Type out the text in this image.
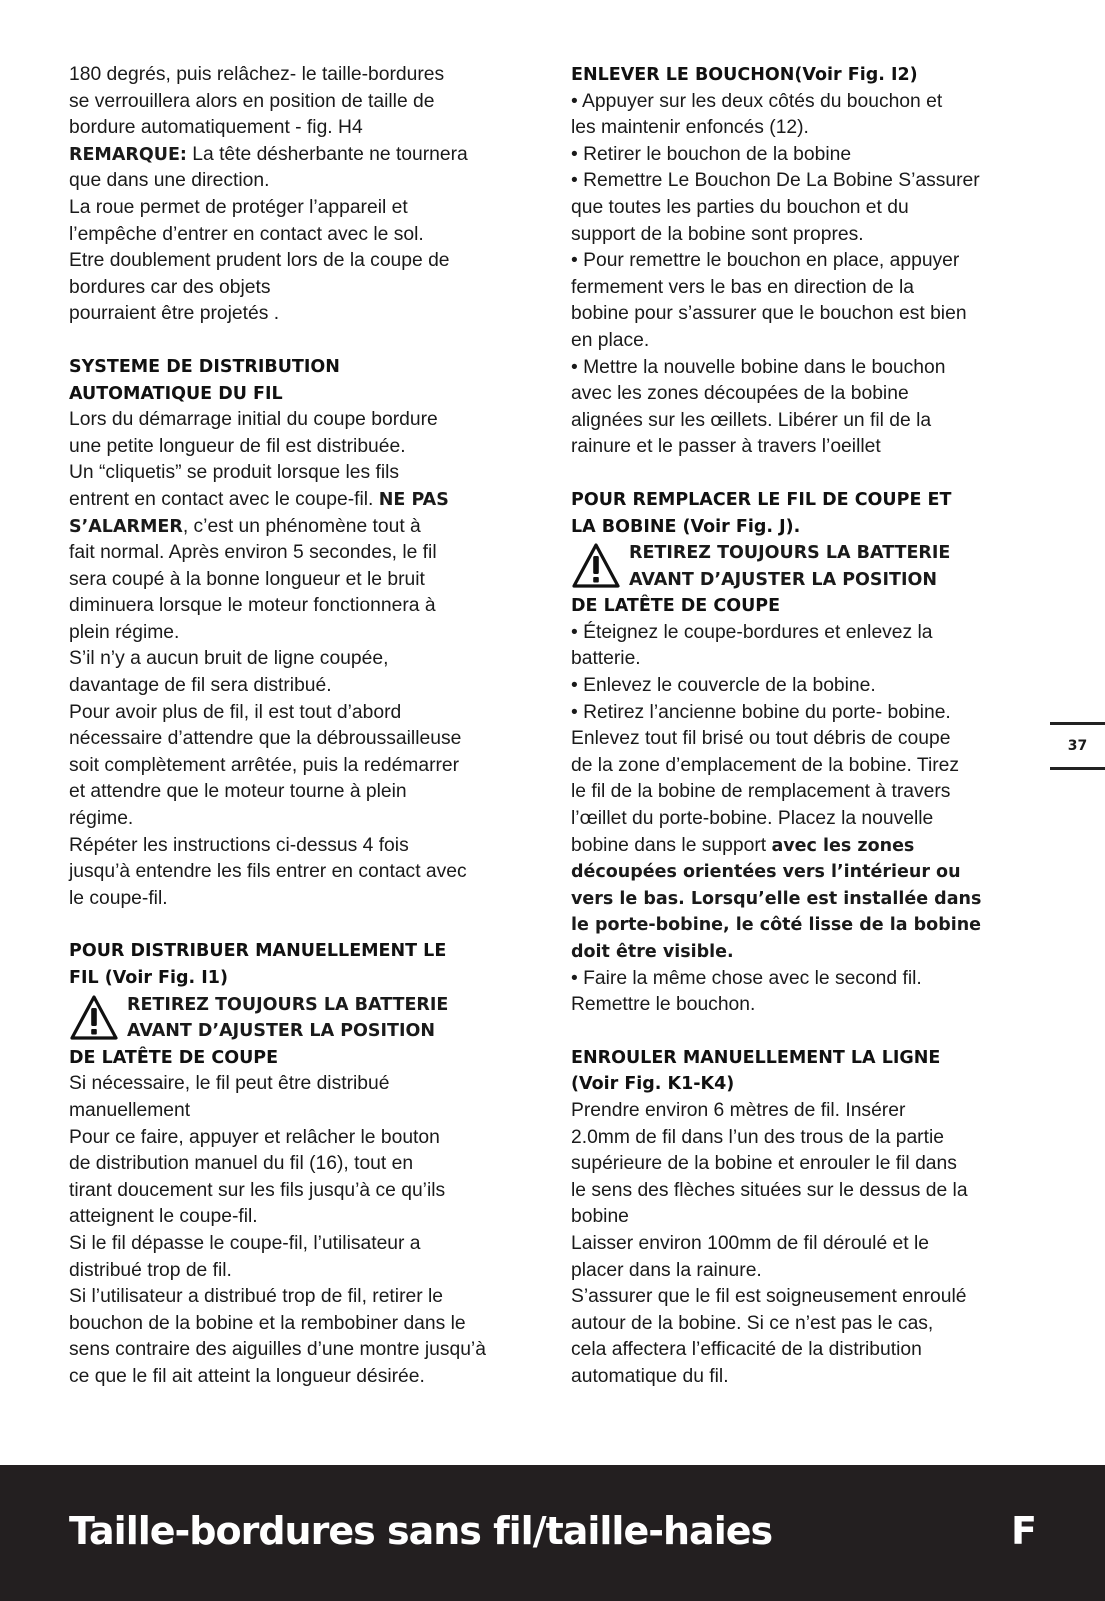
180 degrés, puis relâchez- le taille-bordures

se verrouillera alors en position de taille de

bordure automatiquement - fig. H4

REMARQUE: La tête désherbante ne tournera

que dans une direction.

La roue permet de protéger l’appareil et

l’empêche d’entrer en contact avec le sol.

Etre doublement prudent lors de la coupe de

bordures car des objets

pourraient être projetés .

SYSTEME DE DISTRIBUTION

AUTOMATIQUE DU FIL

Lors du démarrage initial du coupe bordure

une petite longueur de fil est distribuée.

Un “cliquetis” se produit lorsque les fils

entrent en contact avec le coupe-fil. NE PAS

S’ALARMER, c’est un phénomène tout à

fait normal. Après environ 5 secondes, le fil

sera coupé à la bonne longueur et le bruit

diminuera lorsque le moteur fonctionnera à

plein régime.

S’il n’y a aucun bruit de ligne coupée,

davantage de fil sera distribué.

Pour avoir plus de fil, il est tout d’abord

nécessaire d’attendre que la débroussailleuse

soit complètement arrêtée, puis la redémarrer

et attendre que le moteur tourne à plein

régime.

Répéter les instructions ci-dessus 4 fois

jusqu’à entendre les fils entrer en contact avec

le coupe-fil.

POUR DISTRIBUER MANUELLEMENT LE

FIL (Voir Fig. I1)

RETIREZ TOUJOURS LA BATTERIE
AVANT D’AJUSTER LA POSITION

DE LATÊTE DE COUPE

Si nécessaire, le fil peut être distribué

manuellement

Pour ce faire, appuyer et relâcher le bouton

de distribution manuel du fil (16), tout en

tirant doucement sur les fils jusqu’à ce qu’ils

atteignent le coupe-fil.

Si le fil dépasse le coupe-fil, l’utilisateur a

distribué trop de fil.

Si l’utilisateur a distribué trop de fil, retirer le

bouchon de la bobine et la rembobiner dans le

sens contraire des aiguilles d’une montre jusqu’à

ce que le fil ait atteint la longueur désirée.

ENLEVER LE BOUCHON(Voir Fig. I2)

• Appuyer sur les deux côtés du bouchon et

les maintenir enfoncés (12).

• Retirer le bouchon de la bobine

• Remettre Le Bouchon De La Bobine S’assurer

que toutes les parties du bouchon et du

support de la bobine sont propres.

• Pour remettre le bouchon en place, appuyer

fermement vers le bas en direction de la

bobine pour s’assurer que le bouchon est bien

en place.

• Mettre la nouvelle bobine dans le bouchon

avec les zones découpées de la bobine

alignées sur les œillets. Libérer un fil de la

rainure et le passer à travers l’oeillet

POUR REMPLACER LE FIL DE COUPE ET

LA BOBINE (Voir Fig. J).

RETIREZ TOUJOURS LA BATTERIE
AVANT D’AJUSTER LA POSITION

DE LATÊTE DE COUPE

• Éteignez le coupe-bordures et enlevez la

batterie.

• Enlevez le couvercle de la bobine.

• Retirez l’ancienne bobine du porte- bobine.

Enlevez tout fil brisé ou tout débris de coupe

de la zone d’emplacement de la bobine. Tirez

le fil de la bobine de remplacement à travers

l’œillet du porte-bobine. Placez la nouvelle

bobine dans le support avec les zones

découpées orientées vers l’intérieur ou

vers le bas. Lorsqu’elle est installée dans

le porte-bobine, le côté lisse de la bobine

doit être visible.

• Faire la même chose avec le second fil.

Remettre le bouchon.

ENROULER MANUELLEMENT LA LIGNE

(Voir Fig. K1-K4)

Prendre environ 6 mètres de fil. Insérer

2.0mm de fil dans l’un des trous de la partie

supérieure de la bobine et enrouler le fil dans

le sens des flèches situées sur le dessus de la

bobine

Laisser environ 100mm de fil déroulé et le

placer dans la rainure.

S’assurer que le fil est soigneusement enroulé

autour de la bobine. Si ce n’est pas le cas,

cela affectera l’efficacité de la distribution

automatique du fil.

37
Taille-bordures sans fil/taille-haies	F
